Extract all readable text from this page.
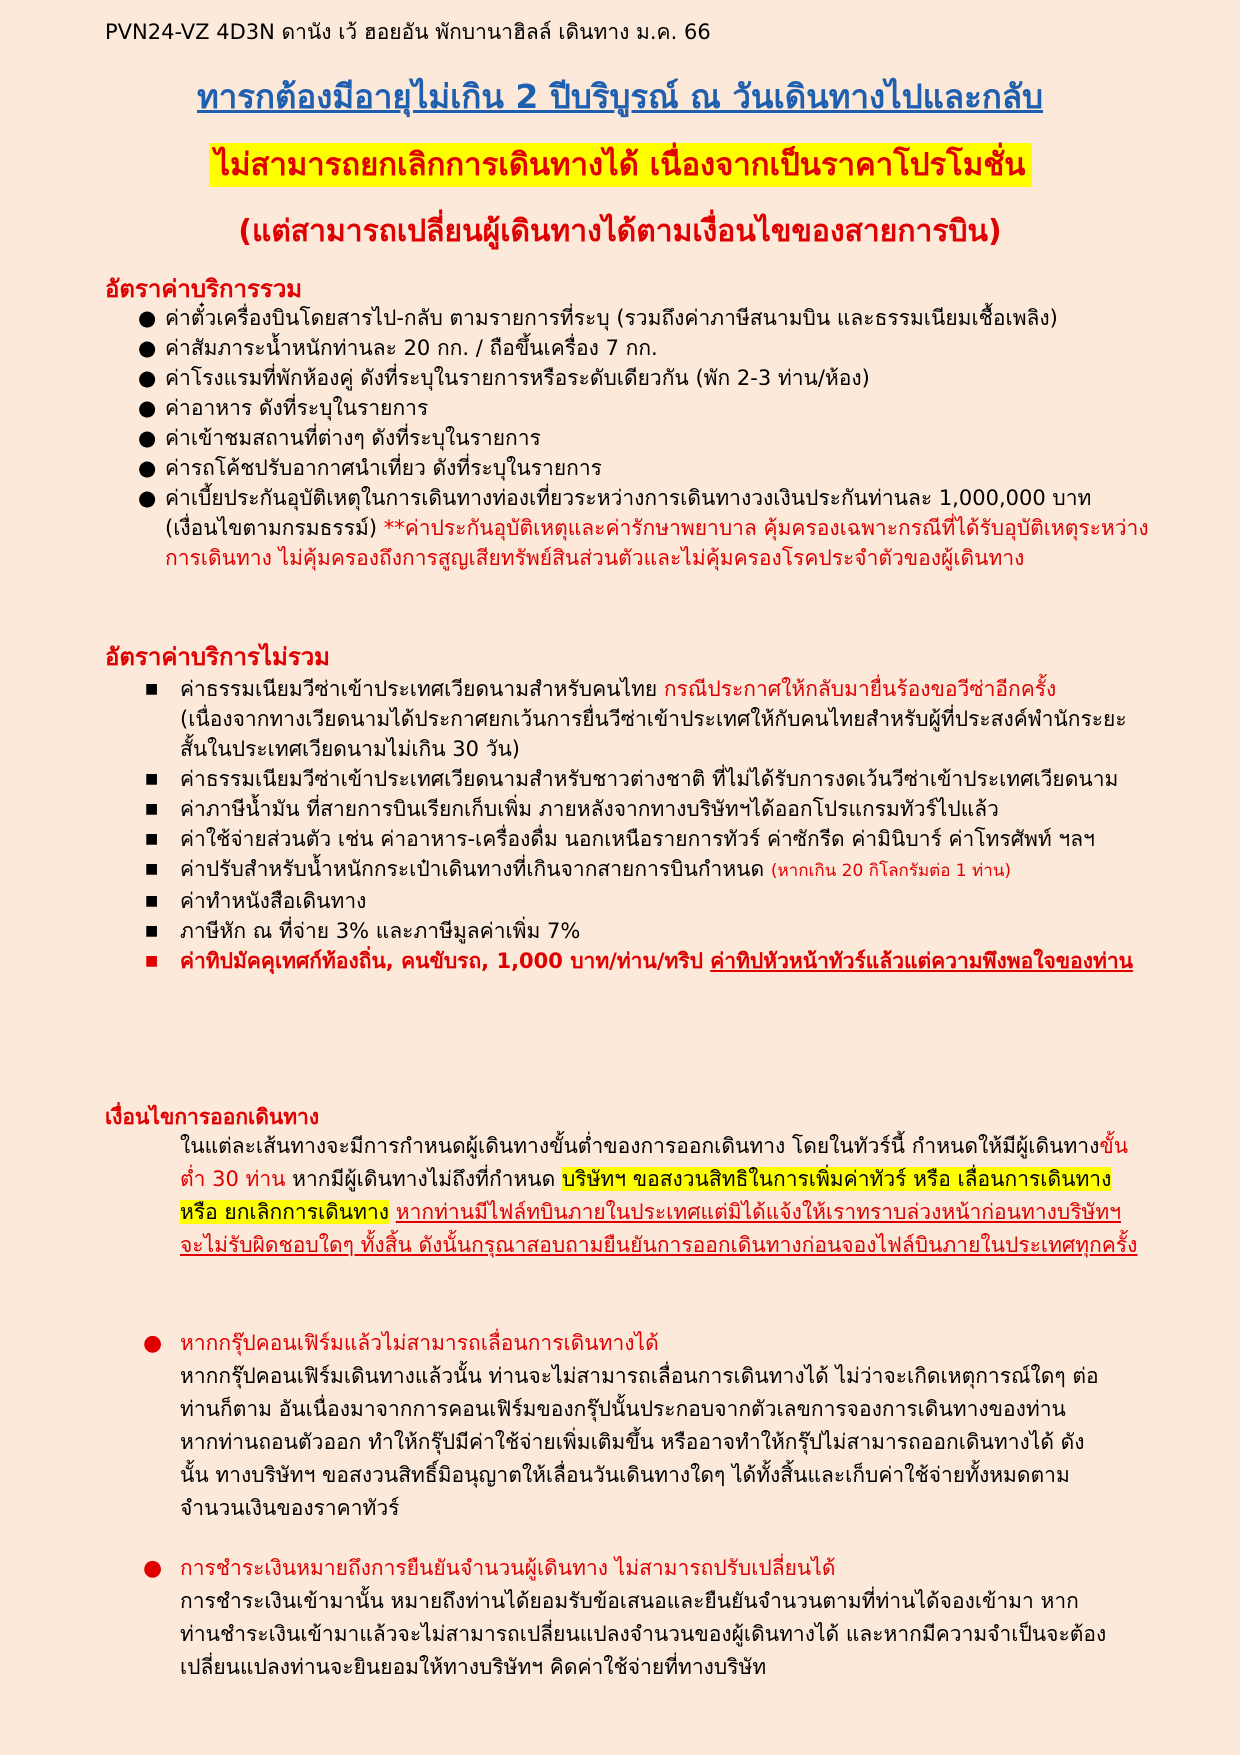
PVN24-VZ 4D3N ดานัง เว้ ฮอยอัน พักบานาฮิลล์ เดินทาง ม.ค. 66
ทารกต้องมีอายุไม่เกิน 2 ปีบริบูรณ์ ณ วันเดินทางไปและกลับ
ไม่สามารถยกเลิกการเดินทางได้ เนื่องจากเป็นราคาโปรโมชั่น
(แต่สามารถเปลี่ยนผู้เดินทางได้ตามเงื่อนไขของสายการบิน)
อัตราค่าบริการรวม
● ค่าตั๋วเครื่องบินโดยสารไป-กลับ ตามรายการที่ระบุ (รวมถึงค่าภาษีสนามบิน และธรรมเนียมเชื้อเพลิง)
● ค่าสัมภาระน้ำหนักท่านละ 20 กก. / ถือขึ้นเครื่อง 7 กก.
● ค่าโรงแรมที่พักห้องคู่ ดังที่ระบุในรายการหรือระดับเดียวกัน (พัก 2-3 ท่าน/ห้อง)
● ค่าอาหาร ดังที่ระบุในรายการ
● ค่าเข้าชมสถานที่ต่างๆ ดังที่ระบุในรายการ
● ค่ารถโค้ชปรับอากาศนำเที่ยว ดังที่ระบุในรายการ
● ค่าเบี้ยประกันอุบัติเหตุในการเดินทางท่องเที่ยวระหว่างการเดินทางวงเงินประกันท่านละ 1,000,000 บาท (เงื่อนไขตามกรมธรรม์) **ค่าประกันอุบัติเหตุและค่ารักษาพยาบาล คุ้มครองเฉพาะกรณีที่ได้รับอุบัติเหตุระหว่างการเดินทาง ไม่คุ้มครองถึงการสูญเสียทรัพย์สินส่วนตัวและไม่คุ้มครองโรคประจำตัวของผู้เดินทาง
อัตราค่าบริการไม่รวม
■ ค่าธรรมเนียมวีซ่าเข้าประเทศเวียดนามสำหรับคนไทย กรณีประกาศให้กลับมายื่นร้องขอวีซ่าอีกครั้ง (เนื่องจากทางเวียดนามได้ประกาศยกเว้นการยื่นวีซ่าเข้าประเทศให้กับคนไทยสำหรับผู้ที่ประสงค์พำนักระยะสั้นในประเทศเวียดนามไม่เกิน 30 วัน)
■ ค่าธรรมเนียมวีซ่าเข้าประเทศเวียดนามสำหรับชาวต่างชาติ ที่ไม่ได้รับการงดเว้นวีซ่าเข้าประเทศเวียดนาม
■ ค่าภาษีน้ำมัน ที่สายการบินเรียกเก็บเพิ่ม ภายหลังจากทางบริษัทฯได้ออกโปรแกรมทัวร์ไปแล้ว
■ ค่าใช้จ่ายส่วนตัว เช่น ค่าอาหาร-เครื่องดื่ม นอกเหนือรายการทัวร์ ค่าซักรีด ค่ามินิบาร์ ค่าโทรศัพท์ ฯลฯ
■ ค่าปรับสำหรับน้ำหนักกระเป๋าเดินทางที่เกินจากสายการบินกำหนด (หากเกิน 20 กิโลกรัมต่อ 1 ท่าน)
■ ค่าทำหนังสือเดินทาง
■ ภาษีหัก ณ ที่จ่าย 3% และภาษีมูลค่าเพิ่ม 7%
■ ค่าทิปมัคคุเทศก์ท้องถิ่น, คนขับรถ, 1,000 บาท/ท่าน/ทริป ค่าทิปหัวหน้าทัวร์แล้วแต่ความพึงพอใจของท่าน
เงื่อนไขการออกเดินทาง
ในแต่ละเส้นทางจะมีการกำหนดผู้เดินทางขั้นต่ำของการออกเดินทาง โดยในทัวร์นี้ กำหนดให้มีผู้เดินทางขั้นต่ำ 30 ท่าน หากมีผู้เดินทางไม่ถึงที่กำหนด บริษัทฯ ขอสงวนสิทธิในการเพิ่มค่าทัวร์ หรือ เลื่อนการเดินทาง หรือ ยกเลิกการเดินทาง หากท่านมีไฟล์ทบินภายในประเทศแต่มิได้แจ้งให้เราทราบล่วงหน้าก่อนทางบริษัทฯ จะไม่รับผิดชอบใดๆ ทั้งสิ้น ดังนั้นกรุณาสอบถามยืนยันการออกเดินทางก่อนจองไฟล์บินภายในประเทศทุกครั้ง
● หากกรุ๊ปคอนเฟิร์มแล้วไม่สามารถเลื่อนการเดินทางได้
หากกรุ๊ปคอนเฟิร์มเดินทางแล้วนั้น ท่านจะไม่สามารถเลื่อนการเดินทางได้ ไม่ว่าจะเกิดเหตุการณ์ใดๆ ต่อท่านก็ตาม อันเนื่องมาจากการคอนเฟิร์มของกรุ๊ปนั้นประกอบจากตัวเลขการจองการเดินทางของท่าน หากท่านถอนตัวออก ทำให้กรุ๊ปมีค่าใช้จ่ายเพิ่มเติมขึ้น หรืออาจทำให้กรุ๊ปไม่สามารถออกเดินทางได้ ดังนั้น ทางบริษัทฯ ขอสงวนสิทธิ์มิอนุญาตให้เลื่อนวันเดินทางใดๆ ได้ทั้งสิ้นและเก็บค่าใช้จ่ายทั้งหมดตามจำนวนเงินของราคาทัวร์
● การชำระเงินหมายถึงการยืนยันจำนวนผู้เดินทาง ไม่สามารถปรับเปลี่ยนได้
การชำระเงินเข้ามานั้น หมายถึงท่านได้ยอมรับข้อเสนอและยืนยันจำนวนตามที่ท่านได้จองเข้ามา หากท่านชำระเงินเข้ามาแล้วจะไม่สามารถเปลี่ยนแปลงจำนวนของผู้เดินทางได้ และหากมีความจำเป็นจะต้องเปลี่ยนแปลงท่านจะยินยอมให้ทางบริษัทฯ คิดค่าใช้จ่ายที่ทางบริษัท
